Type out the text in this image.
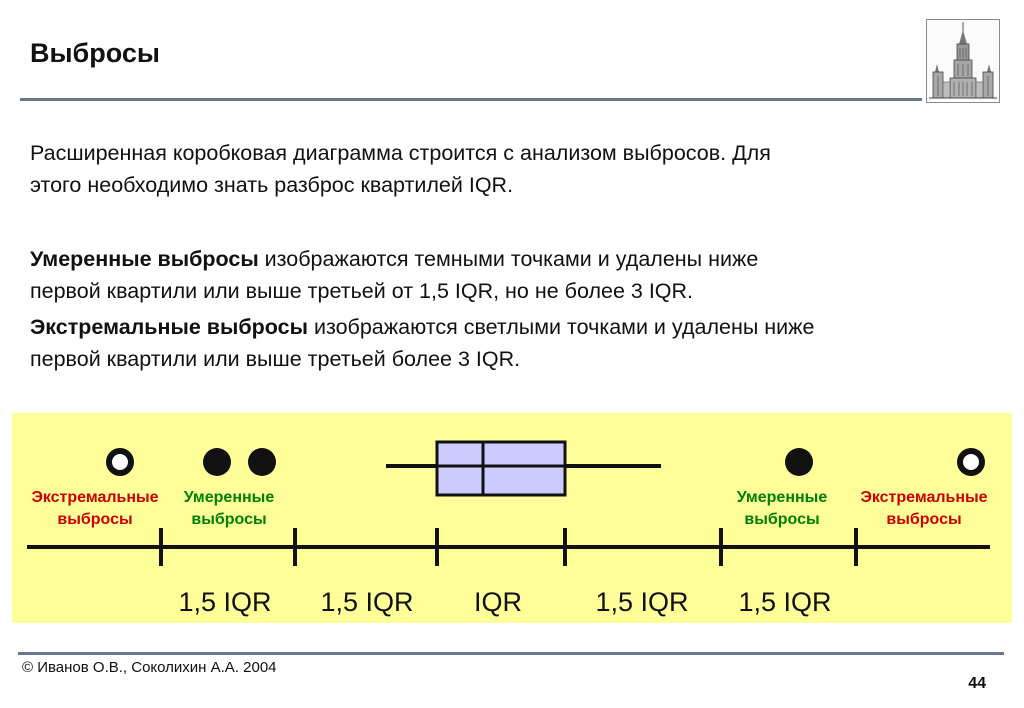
Выбросы

Расширенная коробковая диаграмма строится с анализом выбросов. Для
этого необходимо знать разброс квартилей IQR.

Умеренные выбросы изображаются темными точками и удалены ниже
первой квартили или выше третьей от 1,5 IQR, но не более 3 IQR.

Экстремальные выбросы изображаются светлыми точками и удалены ниже
первой квартили или выше третьей более 3 IQR.

Экстремальные
выбросы
Умеренные
выбросы
Умеренные
выбросы
Экстремальные
выбросы
1,5 IQR 1,5 IQR IQR	1,5 IQR 1,5 IQR
© Иванов О.В., Соколихин А.А. 2004
44
